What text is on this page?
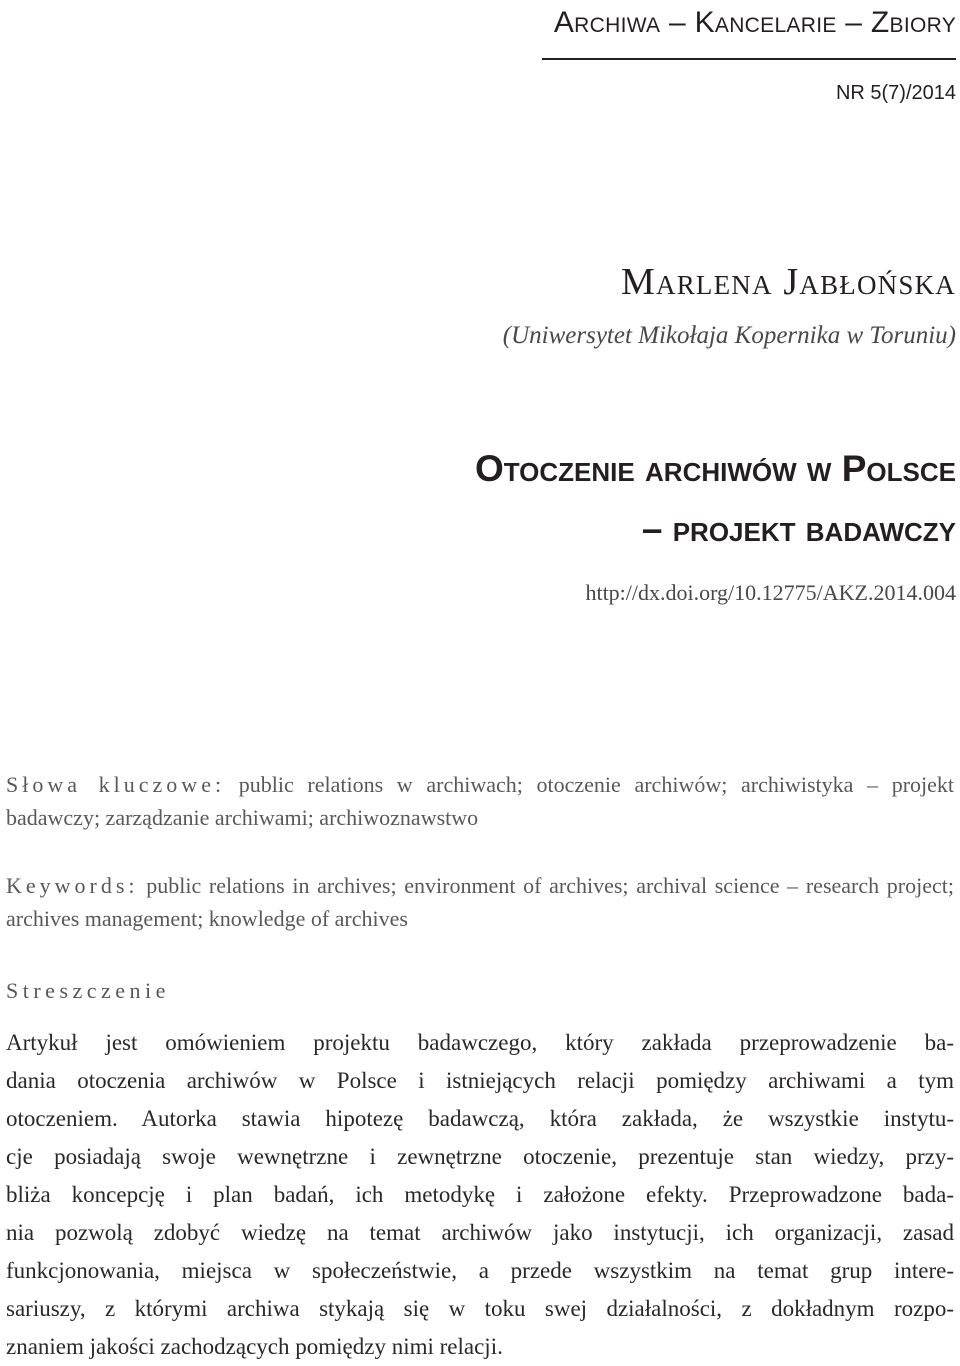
Archiwa – Kancelarie – Zbiory
NR 5(7)/2014
Marlena Jabłońska
(Uniwersytet Mikołaja Kopernika w Toruniu)
Otoczenie archiwów w Polsce
– projekt badawczy
http://dx.doi.org/10.12775/AKZ.2014.004
Słowa kluczowe: public relations w archiwach; otoczenie archiwów; archiwistyka – projekt badawczy; zarządzanie archiwami; archiwoznawstwo
Keywords: public relations in archives; environment of archives; archival science – research project; archives management; knowledge of archives
Streszczenie
Artykuł jest omówieniem projektu badawczego, który zakłada przeprowadzenie ba-
dania otoczenia archiwów w Polsce i istniejących relacji pomiędzy archiwami a tym
otoczeniem. Autorka stawia hipotezę badawczą, która zakłada, że wszystkie instytu-
cje posiadają swoje wewnętrzne i zewnętrzne otoczenie, prezentuje stan wiedzy, przy-
bliża koncepcję i plan badań, ich metodykę i założone efekty. Przeprowadzone bada-
nia pozwolą zdobyć wiedzę na temat archiwów jako instytucji, ich organizacji, zasad
funkcjonowania, miejsca w społeczeństwie, a przede wszystkim na temat grup intere-
sariuszy, z którymi archiwa stykają się w toku swej działalności, z dokładnym rozpo-
znaniem jakości zachodzących pomiędzy nimi relacji.
